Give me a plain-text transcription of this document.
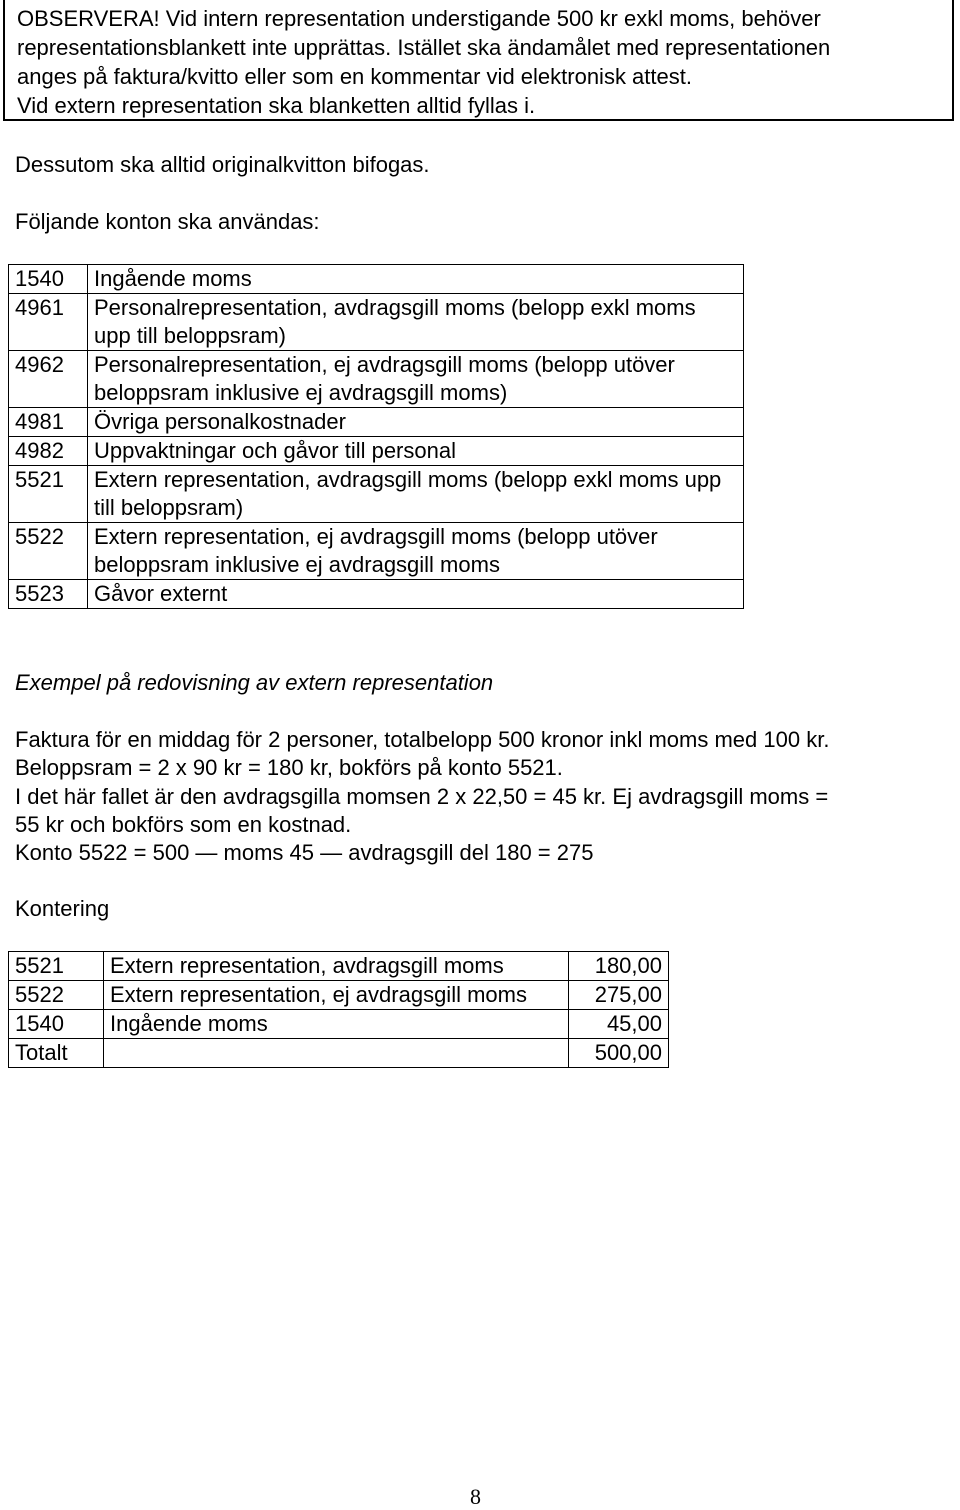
OBSERVERA! Vid intern representation understigande 500 kr exkl moms, behöver
representationsblankett inte upprättas. Istället ska ändamålet med representationen
anges på faktura/kvitto eller som en kommentar vid elektronisk attest.
Vid extern representation ska blanketten alltid fyllas i.
Dessutom ska alltid originalkvitton bifogas.
Följande konton ska användas:
1540	Ingående moms
4961	Personalrepresentation, avdragsgill moms (belopp exkl moms upp till beloppsram)
4962	Personalrepresentation, ej avdragsgill moms (belopp utöver beloppsram inklusive ej avdragsgill moms)
4981	Övriga personalkostnader
4982	Uppvaktningar och gåvor till personal
5521	Extern representation, avdragsgill moms (belopp exkl moms upp till beloppsram)
5522	Extern representation, ej avdragsgill moms (belopp utöver beloppsram inklusive ej avdragsgill moms
5523	Gåvor externt
Exempel på redovisning av extern representation
Faktura för en middag för 2 personer, totalbelopp 500 kronor inkl moms med 100 kr.
Beloppsram = 2 x 90 kr = 180 kr, bokförs på konto 5521.
I det här fallet är den avdragsgilla momsen 2 x 22,50 = 45 kr. Ej avdragsgill moms =
55 kr och bokförs som en kostnad.
Konto 5522 = 500 — moms 45 — avdragsgill del 180 = 275
Kontering
5521	Extern representation, avdragsgill moms	180,00
5522	Extern representation, ej avdragsgill moms	275,00
1540	Ingående moms	45,00
Totalt		500,00
8
